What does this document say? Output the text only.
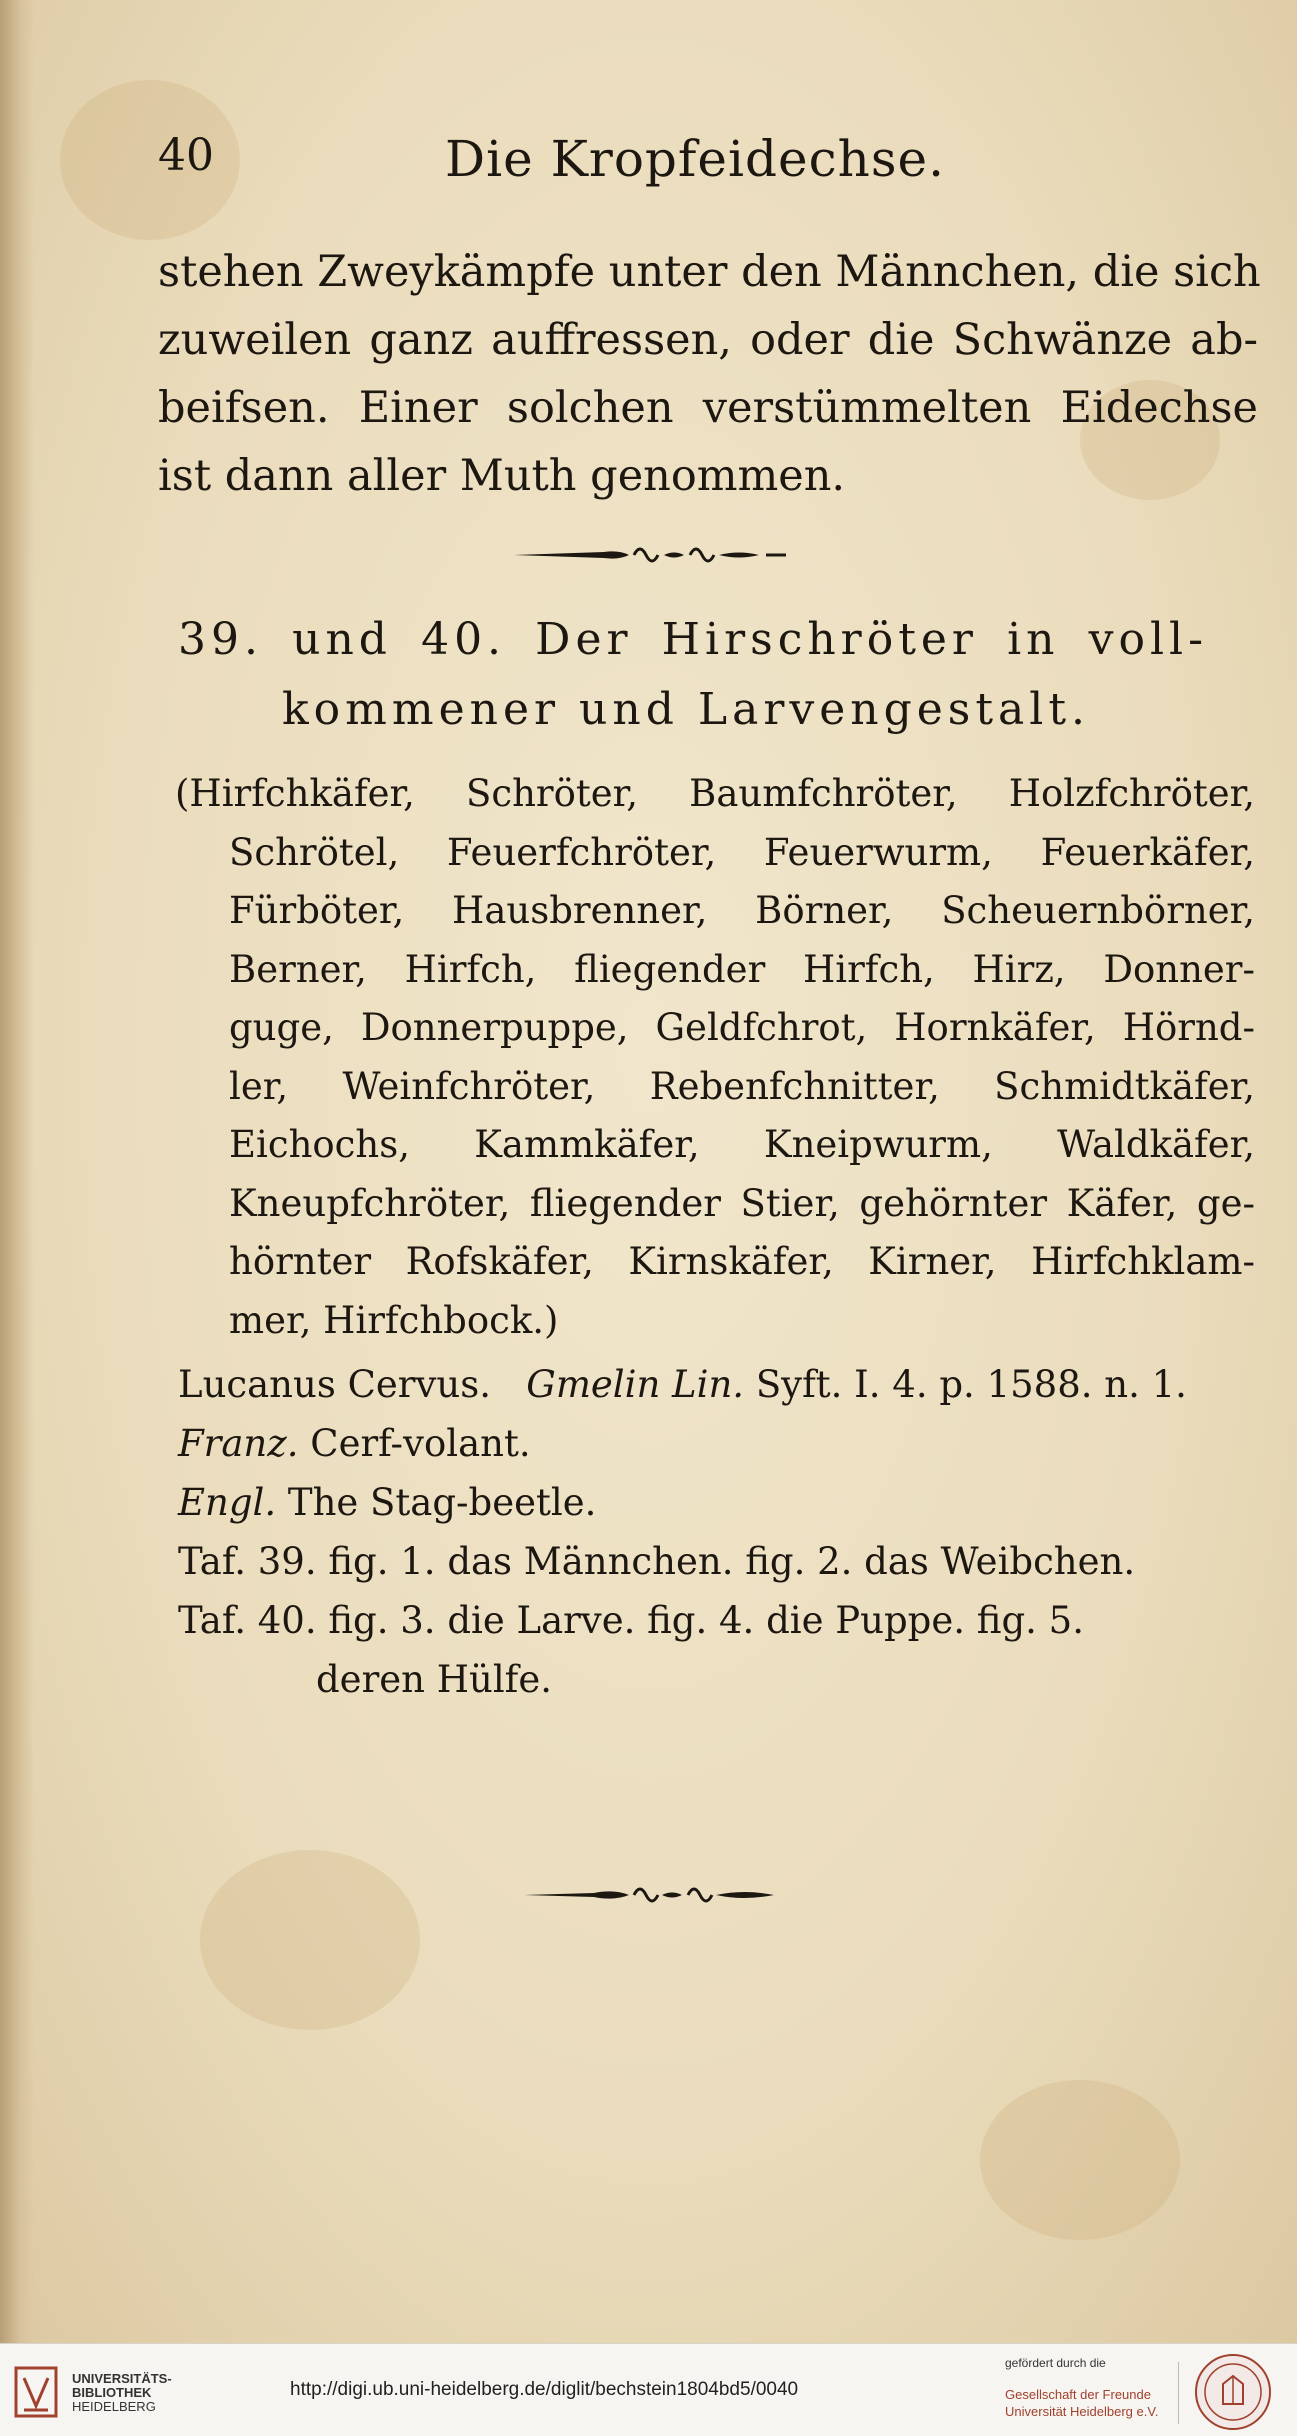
40	Die Kropfeidechse.
stehen Zweykämpfe unter den Männchen, die sich
zuweilen ganz auffressen, oder die Schwänze ab-
beifsen. Einer solchen verstümmelten Eidechse
ist dann aller Muth genommen.
39. und 40. Der Hirschröter in voll-
kommener und Larvengestalt.
(Hirfchkäfer, Schröter, Baumfchröter, Holzfchröter,
Schrötel, Feuerfchröter, Feuerwurm, Feuerkäfer,
Fürböter, Hausbrenner, Börner, Scheuernbörner,
Berner, Hirfch, fliegender Hirfch, Hirz, Donner-
guge, Donnerpuppe, Geldfchrot, Hornkäfer, Hörnd-
ler, Weinfchröter, Rebenfchnitter, Schmidtkäfer,
Eichochs, Kammkäfer, Kneipwurm, Waldkäfer,
Kneupfchröter, fliegender Stier, gehörnter Käfer, ge-
hörnter Rofskäfer, Kirnskäfer, Kirner, Hirfchklam-
mer, Hirfchbock.)
Lucanus Cervus. Gmelin Lin. Syft. I. 4. p. 1588. n. 1.
Franz. Cerf-volant.
Engl. The Stag-beetle.
Taf. 39. fig. 1. das Männchen. fig. 2. das Weibchen.
Taf. 40. fig. 3. die Larve. fig. 4. die Puppe. fig. 5.
deren Hülfe.
UNIVERSITÄTS-
BIBLIOTHEK
HEIDELBERG
http://digi.ub.uni-heidelberg.de/diglit/bechstein1804bd5/0040
gefördert durch die
Gesellschaft der Freunde
Universität Heidelberg e.V.
